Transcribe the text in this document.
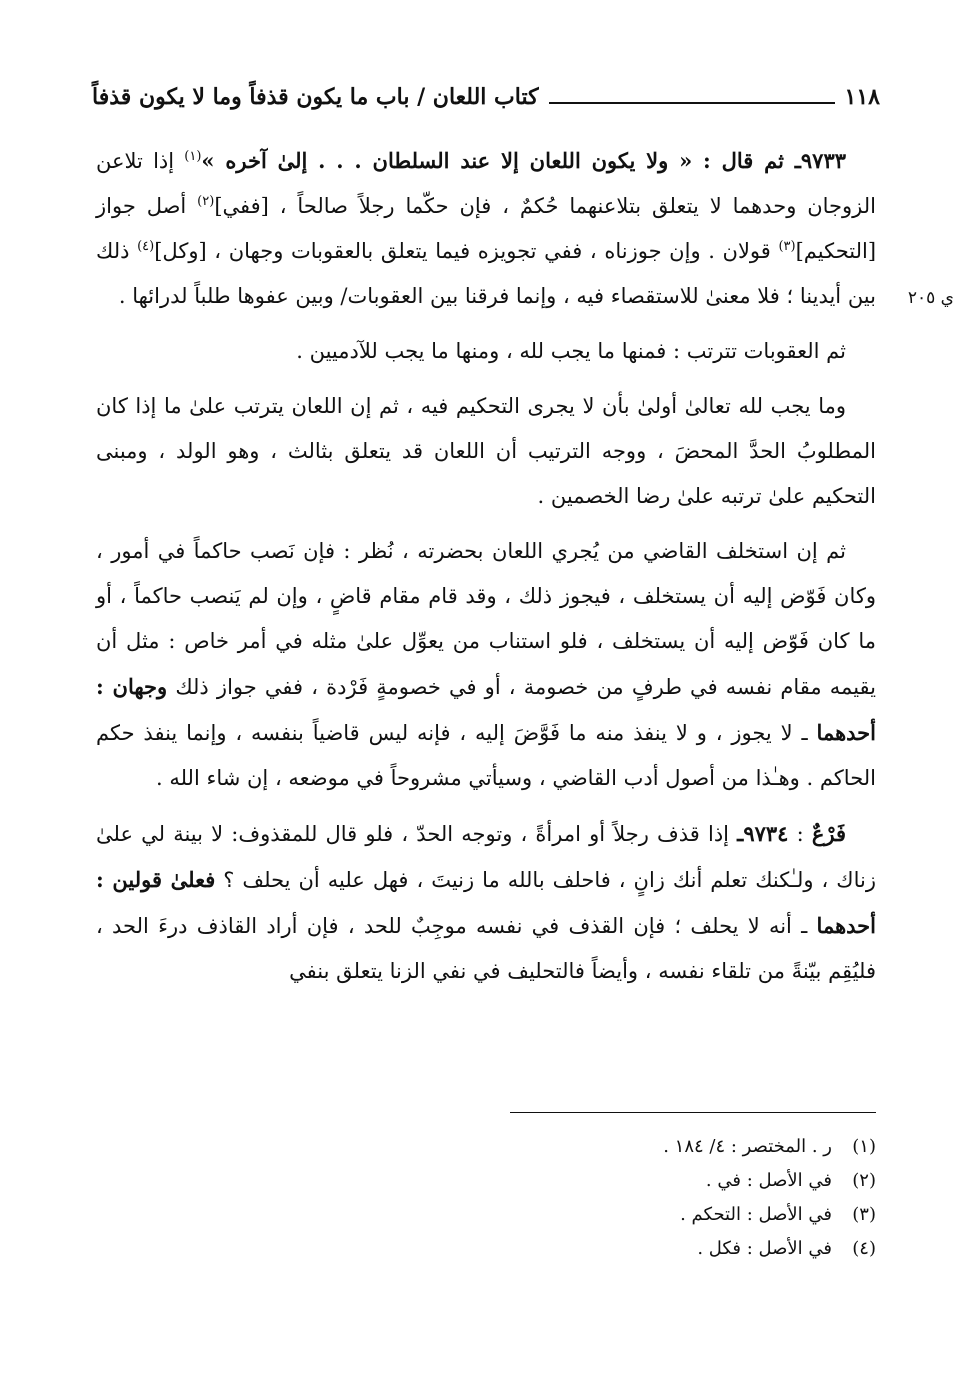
١١٨
كتاب اللعان / باب ما يكون قذفاً وما لا يكون قذفاً
ي ٢٠٥

٩٧٣٣ـ ثم قال : « ولا يكون اللعان إلا عند السلطان . . . إلىٰ آخره »$^{(١)}$ إذا تلاعن الزوجان وحدهما لا يتعلق بتلاعنهما حُكمٌ ، فإن حكّما رجلاً صالحاً ، [ففي]$^{(٢)}$ أصل جواز [التحكيم]$^{(٣)}$ قولان . وإن جوزناه ، ففي تجويزه فيما يتعلق بالعقوبات وجهان ، [وكل]$^{(٤)}$ ذلك بين أيدينا ؛ فلا معنىٰ للاستقصاء فيه ، وإنما فرقنا بين العقوبات/ وبين عفوها طلباً لدرائها .

ثم العقوبات تترتب : فمنها ما يجب لله ، ومنها ما يجب للآدميين .

وما يجب لله تعالىٰ أولىٰ بأن لا يجرى التحكيم فيه ، ثم إن اللعان يترتب علىٰ ما إذا كان المطلوبُ الحدَّ المحضَ ، ووجه الترتيب أن اللعان قد يتعلق بثالث ، وهو الولد ، ومبنى التحكيم علىٰ ترتبه علىٰ رضا الخصمين .

ثم إن استخلف القاضي من يُجري اللعان بحضرته ، نُظر : فإن نَصب حاكماً في أمور ، وكان فَوّض إليه أن يستخلف ، فيجوز ذلك ، وقد قام مقام قاضٍ ، وإن لم يَنصب حاكماً ، أو ما كان فَوّض إليه أن يستخلف ، فلو استناب من يعوِّل علىٰ مثله في أمر خاص : مثل أن يقيمه مقام نفسه في طرفٍ من خصومة ، أو في خصومةٍ فَرْدة ، ففي جواز ذلك وجهان : أحدهما ـ لا يجوز ، و لا ينفذ منه ما فَوَّضَ إليه ، فإنه ليس قاضياً بنفسه ، وإنما ينفذ حكم الحاكم . وهـٰذا من أصول أدب القاضي ، وسيأتي مشروحاً في موضعه ، إن شاء الله .

فَرْعٌ : ٩٧٣٤ـ إذا قذف رجلاً أو امرأةً ، وتوجه الحدّ ، فلو قال للمقذوف: لا بينة لي علىٰ زناك ، ولـٰكنك تعلم أنك زانٍ ، فاحلف بالله ما زنيتَ ، فهل عليه أن يحلف ؟ فعلىٰ قولين : أحدهما ـ أنه لا يحلف ؛ فإن القذف في نفسه موجِبٌ للحد ، فإن أراد القاذف درءَ الحد ، فليُقِم بيّنةً من تلقاء نفسه ، وأيضاً فالتحليف في نفي الزنا يتعلق بنفي

(١)
ر . المختصر : ٤/ ١٨٤ .
(٢)
في الأصل : في .
(٣)
في الأصل : التحكم .
(٤)
في الأصل : فكل .
